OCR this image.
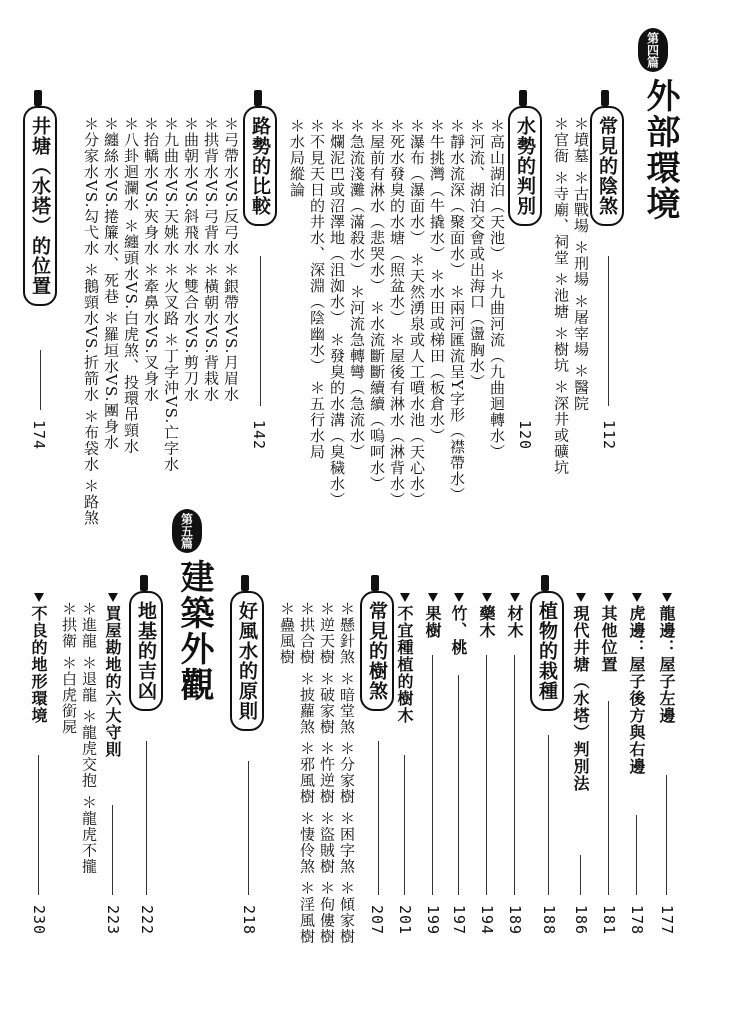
第四篇
外部環境
常見的陰煞
＊墳墓 ＊古戰場 ＊刑場 ＊屠宰場 ＊醫院
＊官衙 ＊寺廟、祠堂 ＊池塘 ＊樹坑 ＊深井或礦坑 112
水勢的判別
＊高山湖泊（天池） ＊九曲河流（九曲迴轉水）
＊河流、湖泊交會或出海口（盪胸水）
＊靜水流深（聚面水） ＊兩河匯流呈Y字形（襟帶水）
＊牛挑灣（牛撬水） ＊水田或梯田（板倉水）
＊瀑布（瀑面水） ＊天然湧泉或人工噴水池（天心水）
＊死水發臭的水塘（照盆水） ＊屋後有淋水（淋背水）
＊屋前有淋水（悲哭水） ＊水流斷斷續續（嗚呵水）
＊急流淺灘（滿殺水） ＊河流急轉彎（急流水）
＊爛泥巴或沼澤地（沮洳水） ＊發臭的水溝（臭穢水）
＊不見天日的井水、深淵（陰幽水） ＊五行水局
＊水局縱論
120
路勢的比較
＊弓帶水VS.反弓水 ＊銀帶水VS.月眉水
＊拱背水VS.弓背水 ＊橫朝水VS.背栽水
＊曲朝水VS.斜飛水 ＊雙合水VS.剪刀水
＊九曲水VS.天姚水 ＊火叉路 ＊丁字沖VS.亡字水
＊抬轎水VS.夾身水 ＊牽鼻水VS.叉身水
＊八卦迴瀾水 ＊纏頭水VS.白虎煞、投環吊頸水
＊纏絲水VS.捲簾水、死巷 ＊羅垣水VS.團身水
＊分家水VS.勾弋水 ＊鵝頸水VS.折箭水 ＊布袋水 ＊路煞	142
井塘（水塔）的位置
174
龍邊：屋子左邊
177
虎邊：屋子後方與右邊
178
其他位置
181
現代井塘（水塔）判別法
186
植物的栽種
188
材木
189
藥木
194
竹、桃
197
果樹
199
不宜種植的樹木
201
常見的樹煞
＊懸針煞 ＊暗堂煞 ＊分家樹 ＊困字煞 ＊傾家樹
＊逆天樹 ＊破家樹 ＊忤逆樹 ＊盜賊樹 ＊佝僂樹
＊拱合樹 ＊披蘿煞 ＊邪風樹 ＊悽伶煞 ＊淫風樹
＊蠱風樹
207
第五篇
建築外觀	好風水的原則
218
地基的吉凶
222
買屋勘地的六大守則
223
＊進龍 ＊退龍 ＊龍虎交抱 ＊龍虎不攏
＊拱衛 ＊白虎銜屍
不良的地形環境
230
